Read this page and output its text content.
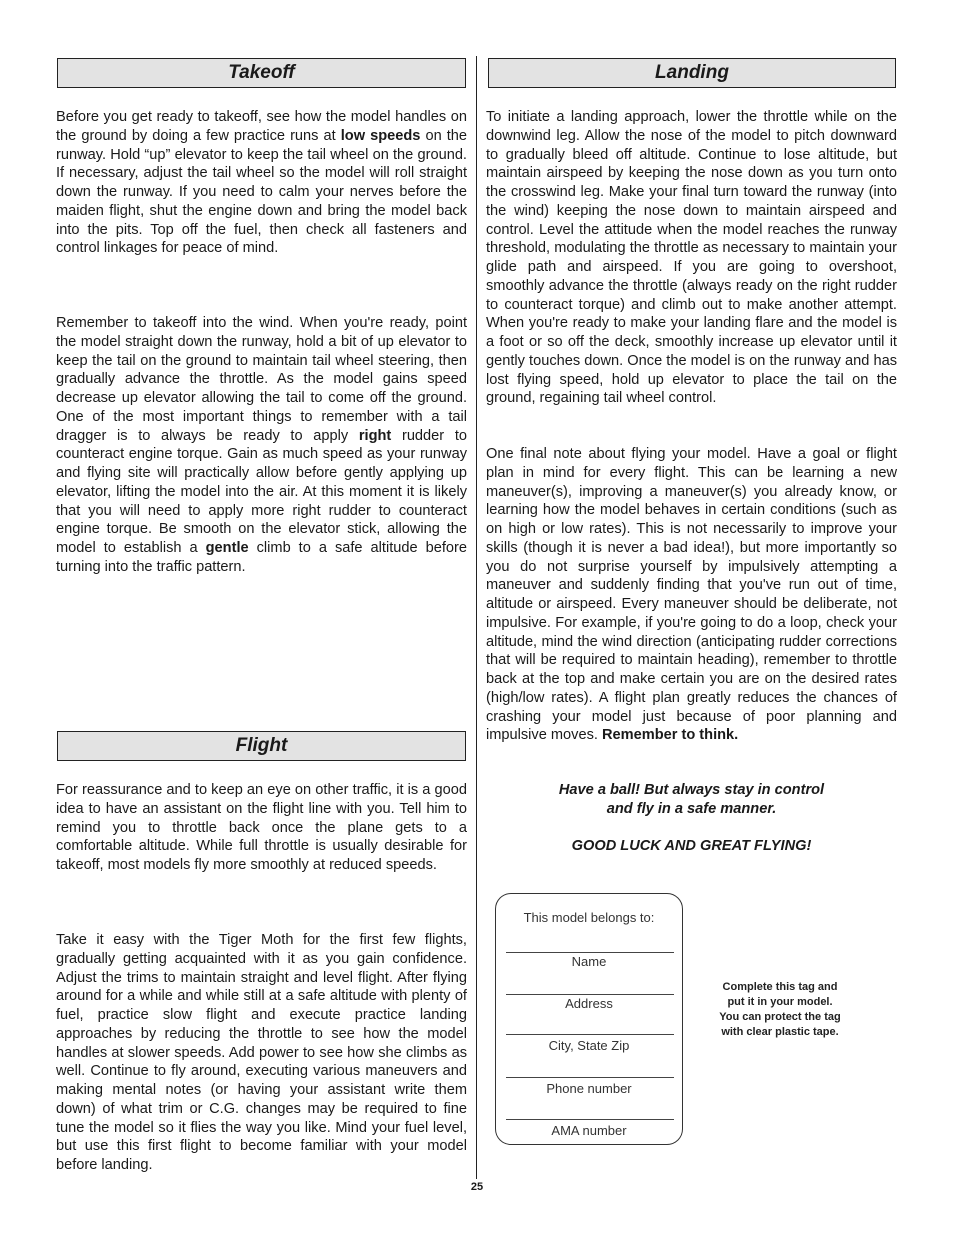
Takeoff

Before you get ready to takeoff, see how the model handles on the ground by doing a few practice runs at low speeds on the runway. Hold “up” elevator to keep the tail wheel on the ground. If necessary, adjust the tail wheel so the model will roll straight down the runway. If you need to calm your nerves before the maiden flight, shut the engine down and bring the model back into the pits. Top off the fuel, then check all fasteners and control linkages for peace of mind.

Remember to takeoff into the wind. When you're ready, point the model straight down the runway, hold a bit of up elevator to keep the tail on the ground to maintain tail wheel steering, then gradually advance the throttle. As the model gains speed decrease up elevator allowing the tail to come off the ground. One of the most important things to remember with a tail dragger is to always be ready to apply right rudder to counteract engine torque. Gain as much speed as your runway and flying site will practically allow before gently applying up elevator, lifting the model into the air. At this moment it is likely that you will need to apply more right rudder to counteract engine torque. Be smooth on the elevator stick, allowing the model to establish a gentle climb to a safe altitude before turning into the traffic pattern.

Flight

For reassurance and to keep an eye on other traffic, it is a good idea to have an assistant on the flight line with you. Tell him to remind you to throttle back once the plane gets to a comfortable altitude. While full throttle is usually desirable for takeoff, most models fly more smoothly at reduced speeds.

Take it easy with the Tiger Moth for the first few flights, gradually getting acquainted with it as you gain confidence. Adjust the trims to maintain straight and level flight. After flying around for a while and while still at a safe altitude with plenty of fuel, practice slow flight and execute practice landing approaches by reducing the throttle to see how the model handles at slower speeds. Add power to see how she climbs as well. Continue to fly around, executing various maneuvers and making mental notes (or having your assistant write them down) of what trim or C.G. changes may be required to fine tune the model so it flies the way you like. Mind your fuel level, but use this first flight to become familiar with your model before landing.

Landing

To initiate a landing approach, lower the throttle while on the downwind leg. Allow the nose of the model to pitch downward to gradually bleed off altitude. Continue to lose altitude, but maintain airspeed by keeping the nose down as you turn onto the crosswind leg. Make your final turn toward the runway (into the wind) keeping the nose down to maintain airspeed and control. Level the attitude when the model reaches the runway threshold, modulating the throttle as necessary to maintain your glide path and airspeed. If you are going to overshoot, smoothly advance the throttle (always ready on the right rudder to counteract torque) and climb out to make another attempt. When you're ready to make your landing flare and the model is a foot or so off the deck, smoothly increase up elevator until it gently touches down. Once the model is on the runway and has lost flying speed, hold up elevator to place the tail on the ground, regaining tail wheel control.

One final note about flying your model. Have a goal or flight plan in mind for every flight. This can be learning a new maneuver(s), improving a maneuver(s) you already know, or learning how the model behaves in certain conditions (such as on high or low rates). This is not necessarily to improve your skills (though it is never a bad idea!), but more importantly so you do not surprise yourself by impulsively attempting a maneuver and suddenly finding that you've run out of time, altitude or airspeed. Every maneuver should be deliberate, not impulsive. For example, if you're going to do a loop, check your altitude, mind the wind direction (anticipating rudder corrections that will be required to maintain heading), remember to throttle back at the top and make certain you are on the desired rates (high/low rates). A flight plan greatly reduces the chances of crashing your model just because of poor planning and impulsive moves. Remember to think.

Have a ball! But always stay in control
and fly in a safe manner.
GOOD LUCK AND GREAT FLYING!
This model belongs to:
Name
Address
City, State Zip
Phone number
AMA number
Complete this tag and
put it in your model.
You can protect the tag
with clear plastic tape.
25
